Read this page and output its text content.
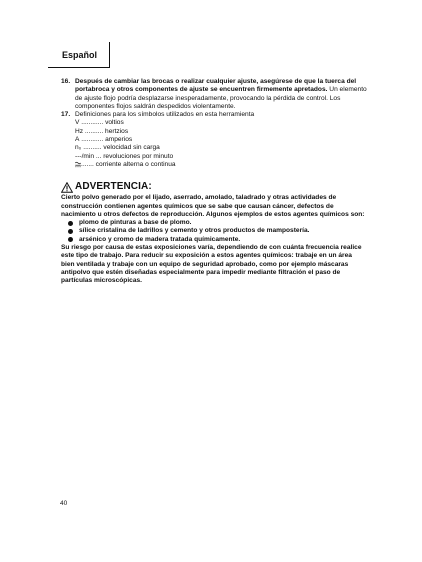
Español
16. Después de cambiar las brocas o realizar cualquier ajuste, asegúrese de que la tuerca del portabroca y otros componentes de ajuste se encuentren firmemente apretados. Un elemento de ajuste flojo podría desplazarse inesperadamente, provocando la pérdida de control. Los componentes flojos saldrán despedidos violentamente.
17. Definiciones para los símbolos utilizados en esta herramienta
V ............ voltios
Hz .......... hertzios
A ............ amperios
n₀ .......... velocidad sin carga
---/min ... revoluciones por minuto
....... corriente alterna o continua
ADVERTENCIA:
Cierto polvo generado por el lijado, aserrado, amolado, taladrado y otras actividades de construcción contienen agentes químicos que se sabe que causan cáncer, defectos de nacimiento u otros defectos de reproducción. Algunos ejemplos de estos agentes químicos son:
plomo de pinturas a base de plomo.
sílice cristalina de ladrillos y cemento y otros productos de mampostería.
arsénico y cromo de madera tratada químicamente.
Su riesgo por causa de estas exposiciones varía, dependiendo de con cuánta frecuencia realice este tipo de trabajo. Para reducir su exposición a estos agentes químicos: trabaje en un área bien ventilada y trabaje con un equipo de seguridad aprobado, como por ejemplo máscaras antipolvo que estén diseñadas especialmente para impedir mediante filtración el paso de partículas microscópicas.
40
